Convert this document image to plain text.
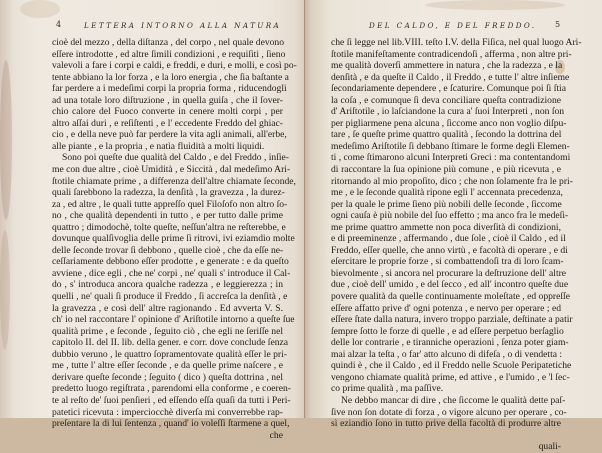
4	LETTERA INTORNO ALLA NATURA
cioè del mezzo , della diſtanza , del corpo , nel quale devono
eſſere introdotte , ed altre ſimili condizioni , e requiſiti , ſieno
valevoli a fare i corpi e caldi, e freddi, e duri, e molli, e così po-
tente abbiano la lor forza , e la loro energia , che ſia baſtante a
far perdere a i medeſimi corpi la propria forma , riducendogli
ad una totale loro diſtruzione , in quella guiſa , che il ſover-
chio calore del Fuoco converte in cenere molti corpi , per
altro aſſai duri , e reſiſtenti , e l' eccedente Freddo del ghiac-
cio , e della neve può far perdere la vita agli animali, all'erbe,
alle piante , e la propria , e natìa fluidità a molti liquidi.
Sono poi queſte due qualità del Caldo , e del Freddo , inſie-
me con due altre , cioè Umidità , e Siccità , dal medeſimo Ari-
ſtotile chiamate prime , a differenza dell'altre chiamate ſeconde,
quali ſarebbono la radezza, la denſità , la gravezza , la durez-
za , ed altre , le quali tutte appreſſo quel Filoſofo non altro ſo-
no , che qualità dependenti in tutto , e per tutto dalle prime
quattro ; dimodochè, tolte queſte, neſſun'altra ne reſterebbe, e
dovunque qualſivoglia delle prime ſi ritrovi, ivi eziamdio molte
delle ſeconde trovar ſi debbono , quelle cioè , che da eſſe ne-
ceſſariamente debbono eſſer prodotte , e generate : e da queſto
avviene , dice egli , che ne' corpi , ne' quali s' introduce il Cal-
do , s' introduca ancora qualche radezza , e leggierezza ; in
quelli , ne' quali ſi produce il Freddo , ſi accreſca la denſità , e
la gravezza , e così dell' altre ragionando . Ed avverta V. S.
ch' io nel raccontare l' opinione d' Ariſtotile intorno a queſte ſue
qualità prime , e ſeconde , ſeguito ciò , che egli ne ſeriſſe nel
capitolo II. del II. lib. della gener. e corr. dove conclude ſenza
dubbio veruno , le quattro ſopramentovate qualità eſſer le pri-
me , tutte l' altre eſſer ſeconde , e da quelle prime naſcere , e
derivare queſte ſeconde ; ſeguito ( dico ) queſta dottrina , nel
predetto luogo regiſtrata , parendomi ella conforme , e coeren-
te al reſto de' ſuoi penſieri , ed eſſendo eſſa quaſi da tutti i Peri-
patetici ricevuta : imperciocchè diverſa mi converrebbe rap-
preſentare la di lui ſentenza , quand' io voleſſi ſtarmene a quel,
che
DEL CALDO, E DEL FREDDO. 5
che ſi legge nel lib.VIII. teſto I.V. della Fiſica, nel qual luogo Ari-
ſtotile manifeſtamente contradicendoſi , afferma , non altre pri-
me qualità doverſi ammettere in natura , che la radezza , e la
denſità , e da queſte il Caldo , il Freddo , e tutte l' altre inſieme
ſecondariamente dependere , e ſcaturire. Comunque poi ſi ſtia
la coſa , e comunque ſi deva conciliare queſta contradizione
d' Ariſtotile , io laſciandone la cura a' ſuoi Interpreti , non ſon
per pigliarmene pena alcuna , ſiccome anco non voglio diſpu-
tare , ſe queſte prime quattro qualità , ſecondo la dottrina del
medeſimo Ariſtotile ſi debbano ſtimare le forme degli Elemen-
ti , come ſtimarono alcuni Interpreti Greci : ma contentandomi
di raccontare la ſua opinione più comune , e più ricevuta , e
ritornando al mio propoſito, dico ; che non ſolamente fra le pri-
me , e le ſeconde qualità ripone egli l' accennata precedenza,
per la quale le prime ſieno più nobili delle ſeconde , ſiccome
ogni cauſa è più nobile del ſuo effetto ; ma anco fra le medeſi-
me prime quattro ammette non poca diverſità di condizioni,
e di preeminenze , affermando , due ſole , cioè il Caldo , ed il
Freddo, eſſer quelle, che anno virtù , e facoltà di operare , e di
eſercitare le proprie forze , si combattendoſi tra di loro ſcam-
bievolmente , si ancora nel procurare la deſtruzione dell' altre
due , cioè dell' umido , e del ſecco , ed all' incontro queſte due
povere qualità da quelle continuamente moleſtate , ed oppreſſe
eſſere affatto prive d' ogni potenza , e nervo per operare ; ed
eſſere ſtate dalla natura, invero troppo parziale, deſtinate a patir
ſempre ſotto le forze di quelle , e ad eſſere perpetuo berſaglio
delle lor contrarie , e tiranniche operazioni , ſenza poter giam-
mai alzar la teſta , o far' atto alcuno di difeſa , o di vendetta :
quindi è , che il Caldo , ed il Freddo nelle Scuole Peripatetiche
vengono chiamate qualità prime, ed attive , e l'umido , e 'l ſec-
co prime qualità , ma paſſive.
Ne debbo mancar di dire , che ſiccome le qualità dette paſ-
ſive non ſon dotate di forza , o vigore alcuno per operare , co-
sì eziandio ſono in tutto prive della facoltà di produrre altre
quali-
